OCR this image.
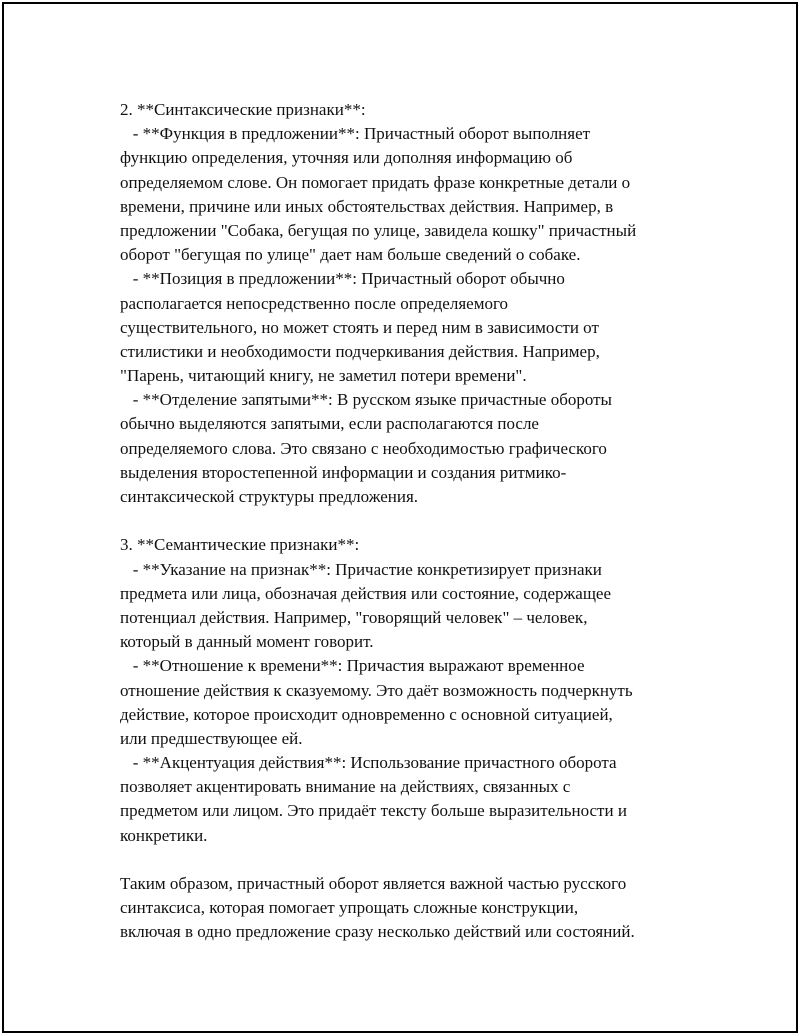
2. **Синтаксические признаки**:
- **Функция в предложении**: Причастный оборот выполняет
функцию определения, уточняя или дополняя информацию об
определяемом слове. Он помогает придать фразе конкретные детали о
времени, причине или иных обстоятельствах действия. Например, в
предложении "Собака, бегущая по улице, завидела кошку" причастный
оборот "бегущая по улице" дает нам больше сведений о собаке.
- **Позиция в предложении**: Причастный оборот обычно
располагается непосредственно после определяемого
существительного, но может стоять и перед ним в зависимости от
стилистики и необходимости подчеркивания действия. Например,
"Парень, читающий книгу, не заметил потери времени".
- **Отделение запятыми**: В русском языке причастные обороты
обычно выделяются запятыми, если располагаются после
определяемого слова. Это связано с необходимостью графического
выделения второстепенной информации и создания ритмико-
синтаксической структуры предложения.
3. **Семантические признаки**:
- **Указание на признак**: Причастие конкретизирует признаки
предмета или лица, обозначая действия или состояние, содержащее
потенциал действия. Например, "говорящий человек" – человек,
который в данный момент говорит.
- **Отношение к времени**: Причастия выражают временное
отношение действия к сказуемому. Это даёт возможность подчеркнуть
действие, которое происходит одновременно с основной ситуацией,
или предшествующее ей.
- **Акцентуация действия**: Использование причастного оборота
позволяет акцентировать внимание на действиях, связанных с
предметом или лицом. Это придаёт тексту больше выразительности и
конкретики.
Таким образом, причастный оборот является важной частью русского
синтаксиса, которая помогает упрощать сложные конструкции,
включая в одно предложение сразу несколько действий или состояний.
